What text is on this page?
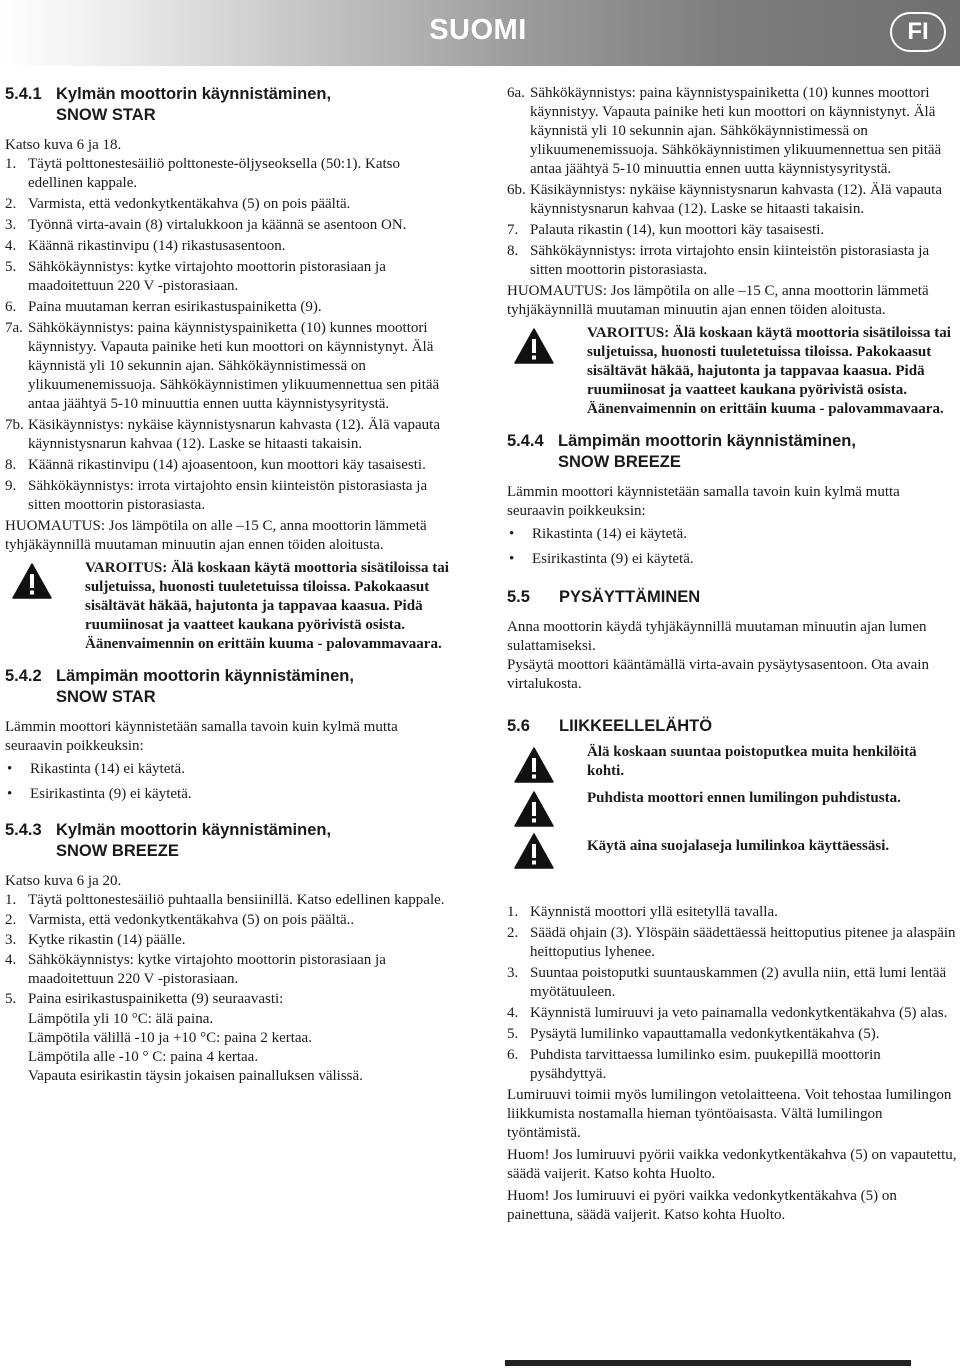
SUOMI	FI
5.4.1 Kylmän moottorin käynnistäminen,
SNOW STAR

Katso kuva 6 ja 18.

1. Täytä polttonestesäiliö polttoneste-öljyseoksella (50:1). Katso edellinen kappale.
2. Varmista, että vedonkytkentäkahva (5) on pois päältä.
3. Työnnä virta-avain (8) virtalukkoon ja käännä se asentoon ON.
4. Käännä rikastinvipu (14) rikastusasentoon.
5. Sähkökäynnistys: kytke virtajohto moottorin pistorasiaan ja maadoitettuun 220 V -pistorasiaan.
6. Paina muutaman kerran esirikastuspainiketta (9).
7a. Sähkökäynnistys: paina käynnistyspainiketta (10) kunnes moottori käynnistyy. Vapauta painike heti kun moottori on käynnistynyt. Älä käynnistä yli 10 sekunnin ajan. Sähkökäynnistimessä on ylikuumenemissuoja. Sähkökäynnistimen ylikuumennettua sen pitää antaa jäähtyä 5-10 minuuttia ennen uutta käynnistysyritystä.
7b. Käsikäynnistys: nykäise käynnistysnarun kahvasta (12). Älä vapauta käynnistysnarun kahvaa (12). Laske se hitaasti takaisin.
8. Käännä rikastinvipu (14) ajoasentoon, kun moottori käy tasaisesti.
9. Sähkökäynnistys: irrota virtajohto ensin kiinteistön pistorasiasta ja sitten moottorin pistorasiasta.

HUOMAUTUS: Jos lämpötila on alle –15 C, anna moottorin lämmetä tyhjäkäynnillä muutaman minuutin ajan ennen töiden aloitusta.

VAROITUS: Älä koskaan käytä moottoria sisätiloissa tai suljetuissa, huonosti tuuletetuissa tiloissa. Pakokaasut sisältävät häkää, hajutonta ja tappavaa kaasua. Pidä ruumiinosat ja vaatteet kaukana pyörivistä osista. Äänenvaimennin on erittäin kuuma - palovammavaara.
5.4.2 Lämpimän moottorin käynnistäminen,
SNOW STAR

Lämmin moottori käynnistetään samalla tavoin kuin kylmä mutta seuraavin poikkeuksin:

• Rikastinta (14) ei käytetä.
• Esirikastinta (9) ei käytetä.
5.4.3 Kylmän moottorin käynnistäminen,
SNOW BREEZE

Katso kuva 6 ja 20.

1. Täytä polttonestesäiliö puhtaalla bensiinillä. Katso edellinen kappale.
2. Varmista, että vedonkytkentäkahva (5) on pois päältä..
3. Kytke rikastin (14) päälle.
4. Sähkökäynnistys: kytke virtajohto moottorin pistorasiaan ja maadoitettuun 220 V -pistorasiaan.
5. Paina esirikastuspainiketta (9) seuraavasti:

Lämpötila yli 10 °C: älä paina.

Lämpötila välillä -10 ja +10 °C: paina 2 kertaa.

Lämpötila alle -10 ° C: paina 4 kertaa.

Vapauta esirikastin täysin jokaisen painalluksen välissä.

6a. Sähkökäynnistys: paina käynnistyspainiketta (10) kunnes moottori käynnistyy. Vapauta painike heti kun moottori on käynnistynyt. Älä käynnistä yli 10 sekunnin ajan. Sähkökäynnistimessä on ylikuumenemissuoja. Sähkökäynnistimen ylikuumennettua sen pitää antaa jäähtyä 5-10 minuuttia ennen uutta käynnistysyritystä.
6b. Käsikäynnistys: nykäise käynnistysnarun kahvasta (12). Älä vapauta käynnistysnarun kahvaa (12). Laske se hitaasti takaisin.
7. Palauta rikastin (14), kun moottori käy tasaisesti.
8. Sähkökäynnistys: irrota virtajohto ensin kiinteistön pistorasiasta ja sitten moottorin pistorasiasta.

HUOMAUTUS: Jos lämpötila on alle –15 C, anna moottorin lämmetä tyhjäkäynnillä muutaman minuutin ajan ennen töiden aloitusta.

VAROITUS: Älä koskaan käytä moottoria sisätiloissa tai suljetuissa, huonosti tuuletetuissa tiloissa. Pakokaasut sisältävät häkää, hajutonta ja tappavaa kaasua. Pidä ruumiinosat ja vaatteet kaukana pyörivistä osista. Äänenvaimennin on erittäin kuuma - palovammavaara.
5.4.4 Lämpimän moottorin käynnistäminen,
SNOW BREEZE

Lämmin moottori käynnistetään samalla tavoin kuin kylmä mutta seuraavin poikkeuksin:

• Rikastinta (14) ei käytetä.
• Esirikastinta (9) ei käytetä.
5.5 PYSÄYTTÄMINEN

Anna moottorin käydä tyhjäkäynnillä muutaman minuutin ajan lumen sulattamiseksi.

Pysäytä moottori kääntämällä virta-avain pysäytysasentoon. Ota avain virtalukosta.

5.6 LIIKKEELLELÄHTÖ
Älä koskaan suuntaa poistoputkea muita henkilöitä kohti.
Puhdista moottori ennen lumilingon puhdistusta.
Käytä aina suojalaseja lumilinkoa käyttäessäsi.
1. Käynnistä moottori yllä esitetyllä tavalla.
2. Säädä ohjain (3). Ylöspäin säädettäessä heittoputius pitenee ja alaspäin heittoputius lyhenee.
3. Suuntaa poistoputki suuntauskammen (2) avulla niin, että lumi lentää myötätuuleen.
4. Käynnistä lumiruuvi ja veto painamalla vedonkytkentäkahva (5) alas.
5. Pysäytä lumilinko vapauttamalla vedonkytkentäkahva (5).
6. Puhdista tarvittaessa lumilinko esim. puukepillä moottorin pysähdyttyä.

Lumiruuvi toimii myös lumilingon vetolaitteena. Voit tehostaa lumilingon liikkumista nostamalla hieman työntöaisasta. Vältä lumilingon työntämistä.

Huom! Jos lumiruuvi pyörii vaikka vedonkytkentäkahva (5) on vapautettu, säädä vaijerit. Katso kohta Huolto.

Huom! Jos lumiruuvi ei pyöri vaikka vedonkytkentäkahva (5) on painettuna, säädä vaijerit. Katso kohta Huolto.
